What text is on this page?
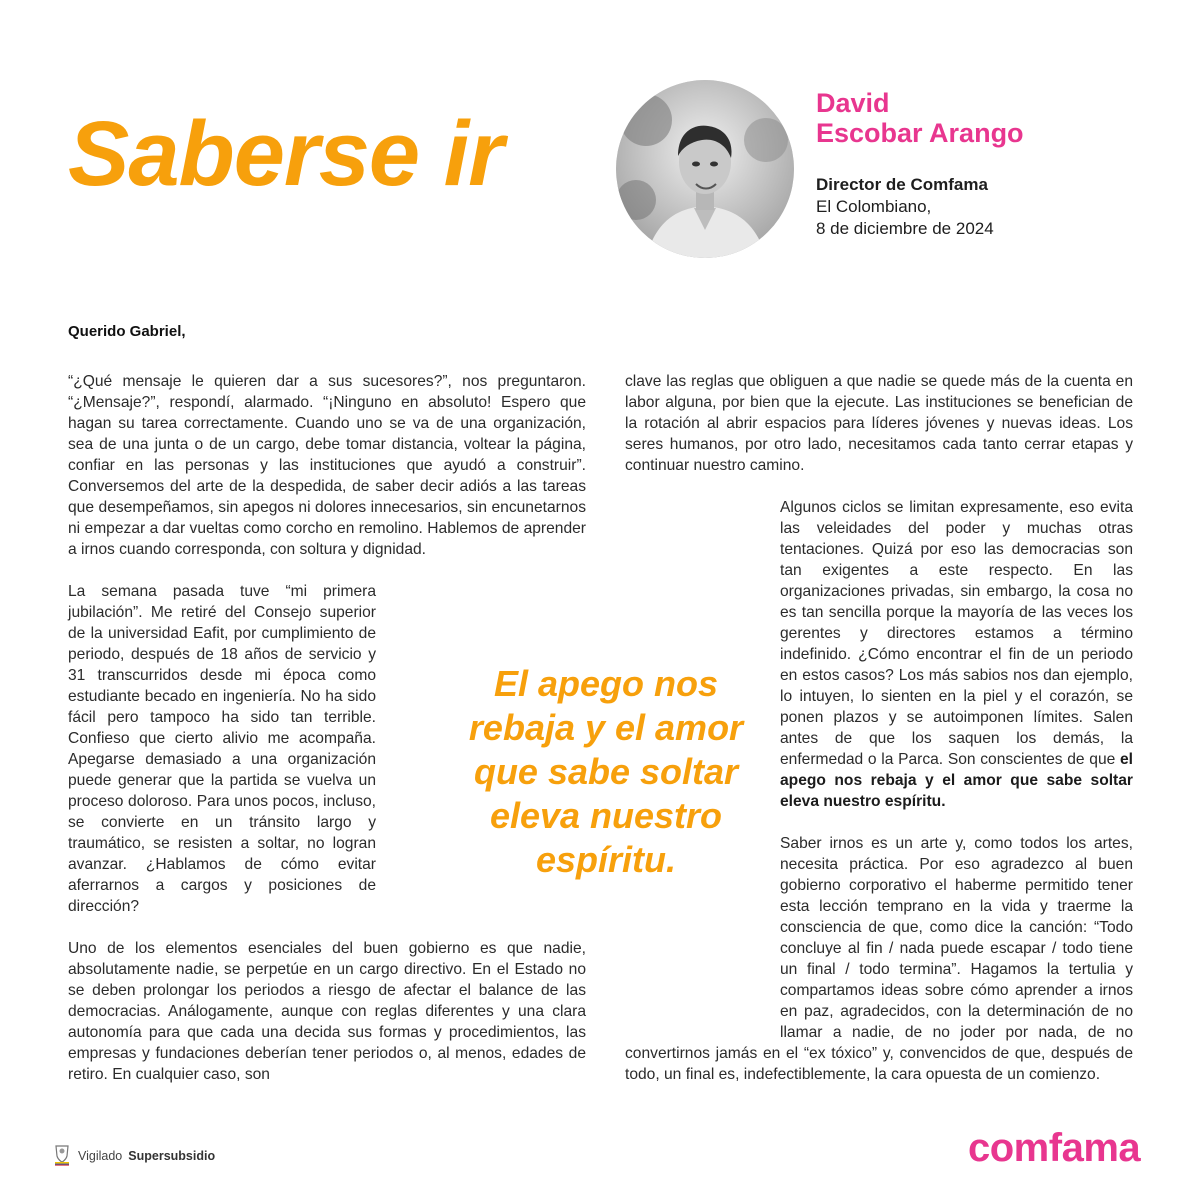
Saberse ir	David
Escobar Arango
Director de Comfama
El Colombiano,
8 de diciembre de 2024
Querido Gabriel,

“¿Qué mensaje le quieren dar a sus sucesores?”, nos preguntaron. “¿Mensaje?”, respondí, alarmado. “¡Ninguno en absoluto! Espero que hagan su tarea correctamente. Cuando uno se va de una organización, sea de una junta o de un cargo, debe tomar distancia, voltear la página, confiar en las personas y las instituciones que ayudó a construir”. Conversemos del arte de la despedida, de saber decir adiós a las tareas que desempeñamos, sin apegos ni dolores innecesarios, sin encunetarnos ni empezar a dar vueltas como corcho en remolino. Hablemos de aprender a irnos cuando corresponda, con soltura y dignidad.

La semana pasada tuve “mi primera jubilación”. Me retiré del Consejo superior de la universidad Eafit, por cumplimiento de periodo, después de 18 años de servicio y 31 transcurridos desde mi época como estudiante becado en ingeniería. No ha sido fácil pero tampoco ha sido tan terrible. Confieso que cierto alivio me acompaña. Apegarse demasiado a una organización puede generar que la partida se vuelva un proceso doloroso. Para unos pocos, incluso, se convierte en un tránsito largo y traumático, se resisten a soltar, no logran avanzar. ¿Hablamos de cómo evitar aferrarnos a cargos y posiciones de dirección?

Uno de los elementos esenciales del buen gobierno es que nadie, absolutamente nadie, se perpetúe en un cargo directivo. En el Estado no se deben prolongar los periodos a riesgo de afectar el balance de las democracias. Análogamente, aunque con reglas diferentes y una clara autonomía para que cada una decida sus formas y procedimientos, las empresas y fundaciones deberían tener periodos o, al menos, edades de retiro. En cualquier caso, son

clave las reglas que obliguen a que nadie se quede más de la cuenta en labor alguna, por bien que la ejecute. Las instituciones se benefician de la rotación al abrir espacios para líderes jóvenes y nuevas ideas. Los seres humanos, por otro lado, necesitamos cada tanto cerrar etapas y continuar nuestro camino.

Algunos ciclos se limitan expresamente, eso evita las veleidades del poder y muchas otras tentaciones. Quizá por eso las democracias son tan exigentes a este respecto. En las organizaciones privadas, sin embargo, la cosa no es tan sencilla porque la mayoría de las veces los gerentes y directores estamos a término indefinido. ¿Cómo encontrar el fin de un periodo en estos casos? Los más sabios nos dan ejemplo, lo intuyen, lo sienten en la piel y el corazón, se ponen plazos y se autoimponen límites. Salen antes de que los saquen los demás, la enfermedad o la Parca. Son conscientes de que el apego nos rebaja y el amor que sabe soltar eleva nuestro espíritu.

Saber irnos es un arte y, como todos los artes, necesita práctica. Por eso agradezco al buen gobierno corporativo el haberme permitido tener esta lección temprano en la vida y traerme la consciencia de que, como dice la canción: “Todo concluye al fin / nada puede escapar / todo tiene un final / todo termina”. Hagamos la tertulia y compartamos ideas sobre cómo aprender a irnos en paz, agradecidos, con la determinación de no llamar a nadie, de no joder por nada, de no convertirnos jamás en el “ex tóxico” y, convencidos de que, después de todo, un final es, indefectiblemente, la cara opuesta de un comienzo.

El apego nos rebaja y el amor que sabe soltar eleva nuestro espíritu.
Vigilado Supersubsidio	comfama
